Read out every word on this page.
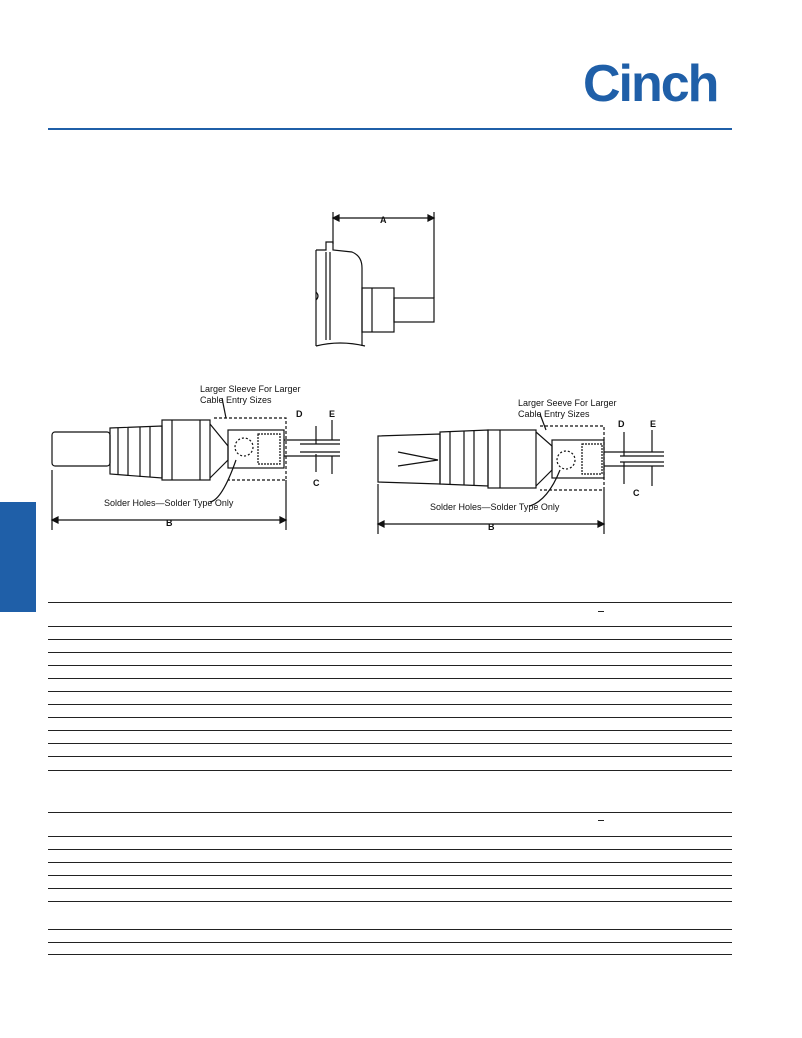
Cinch
A
Larger Sleeve For Larger
Cable Entry Sizes
Solder Holes—Solder Type Only
B
C
D	E
Larger Seeve For Larger
Cable Entry Sizes
Solder Holes—Solder Type Only
B
C
D	E
